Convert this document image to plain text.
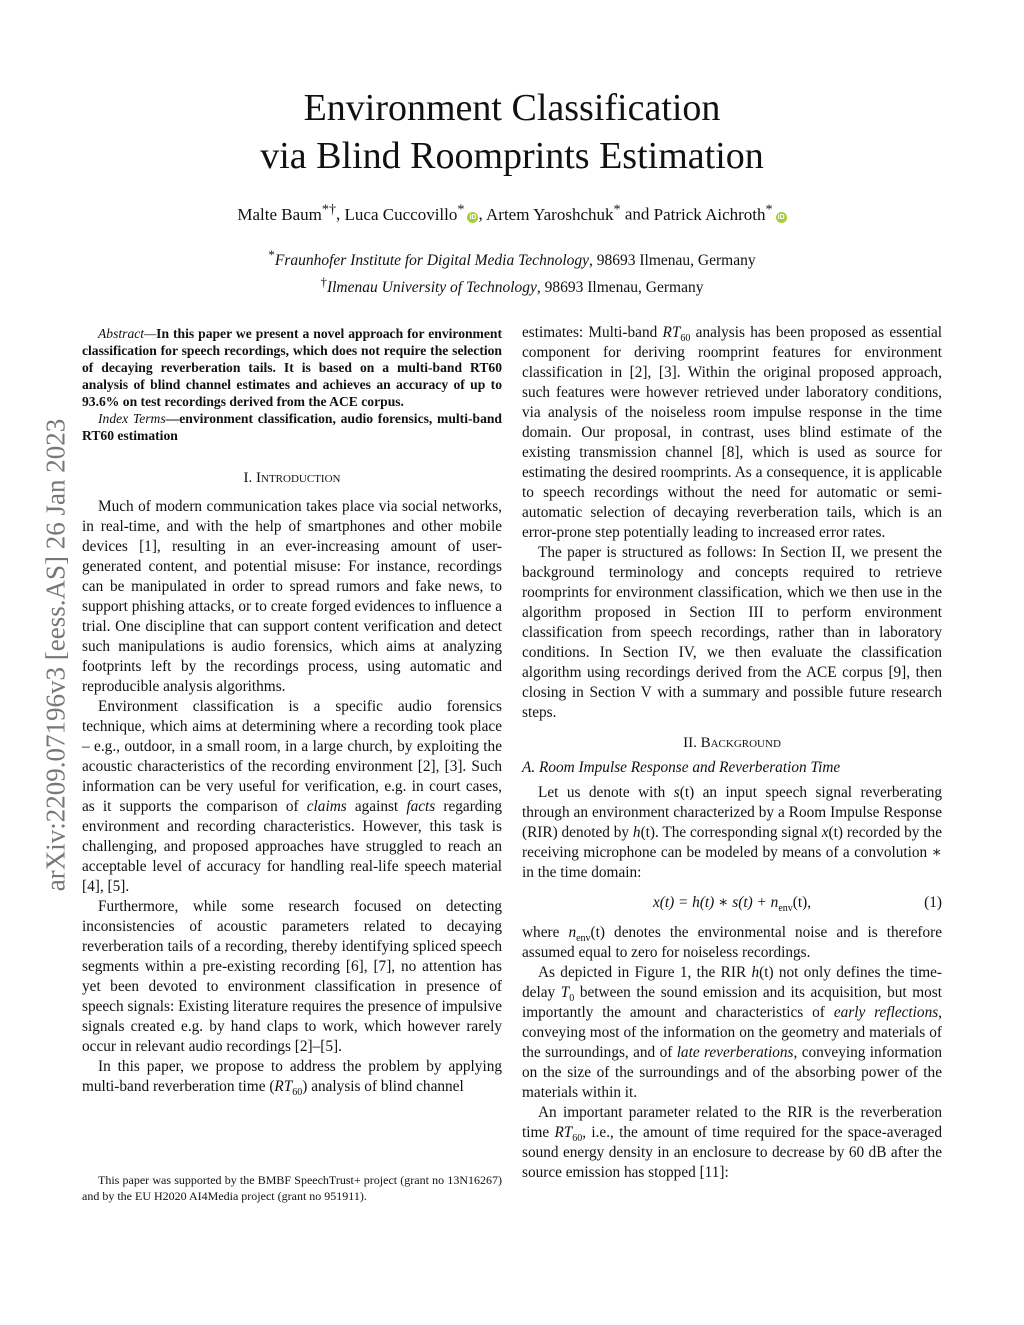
arXiv:2209.07196v3 [eess.AS] 26 Jan 2023
Environment Classification
via Blind Roomprints Estimation
Malte Baum*†, Luca Cuccovillo*iD , Artem Yaroshchuk* and Patrick Aichroth*iD
*Fraunhofer Institute for Digital Media Technology, 98693 Ilmenau, Germany
†Ilmenau University of Technology, 98693 Ilmenau, Germany

Abstract—In this paper we present a novel approach for environment classification for speech recordings, which does not require the selection of decaying reverberation tails. It is based on a multi-band RT60 analysis of blind channel estimates and achieves an accuracy of up to 93.6% on test recordings derived from the ACE corpus.

Index Terms—environment classification, audio forensics, multi-band RT60 estimation

I. Introduction

Much of modern communication takes place via social networks, in real-time, and with the help of smartphones and other mobile devices [1], resulting in an ever-increasing amount of user-generated content, and potential misuse: For instance, recordings can be manipulated in order to spread rumors and fake news, to support phishing attacks, or to create forged evidences to influence a trial. One discipline that can support content verification and detect such manipulations is audio forensics, which aims at analyzing footprints left by the recordings process, using automatic and reproducible analysis algorithms.

Environment classification is a specific audio forensics technique, which aims at determining where a recording took place – e.g., outdoor, in a small room, in a large church, by exploiting the acoustic characteristics of the recording environment [2], [3]. Such information can be very useful for verification, e.g. in court cases, as it supports the comparison of claims against facts regarding environment and recording characteristics. However, this task is challenging, and proposed approaches have struggled to reach an acceptable level of accuracy for handling real-life speech material [4], [5].

Furthermore, while some research focused on detecting inconsistencies of acoustic parameters related to decaying reverberation tails of a recording, thereby identifying spliced speech segments within a pre-existing recording [6], [7], no attention has yet been devoted to environment classification in presence of speech signals: Existing literature requires the presence of impulsive signals created e.g. by hand claps to work, which however rarely occur in relevant audio recordings [2]–[5].

In this paper, we propose to address the problem by applying multi-band reverberation time $(RT_{60})$ analysis of blind channel

estimates: Multi-band $RT_{60}$ analysis has been proposed as essential component for deriving roomprint features for environment classification in [2], [3]. Within the original proposed approach, such features were however retrieved under laboratory conditions, via analysis of the noiseless room impulse response in the time domain. Our proposal, in contrast, uses blind estimate of the existing transmission channel [8], which is used as source for estimating the desired roomprints. As a consequence, it is applicable to speech recordings without the need for automatic or semi-automatic selection of decaying reverberation tails, which is an error-prone step potentially leading to increased error rates.

The paper is structured as follows: In Section II, we present the background terminology and concepts required to retrieve roomprints for environment classification, which we then use in the algorithm proposed in Section III to perform environment classification from speech recordings, rather than in laboratory conditions. In Section IV, we then evaluate the classification algorithm using recordings derived from the ACE corpus [9], then closing in Section V with a summary and possible future research steps.

II. Background

A. Room Impulse Response and Reverberation Time

Let us denote with s(t) an input speech signal reverberating through an environment characterized by a Room Impulse Response (RIR) denoted by h(t). The corresponding signal x(t) recorded by the receiving microphone can be modeled by means of a convolution ∗ in the time domain:

x(t) = h(t) ∗ $s(t) + n_{env}(t)$,	(1)

where $n_{env}(t)$ denotes the environmental noise and is therefore assumed equal to zero for noiseless recordings.

As depicted in Figure 1, the RIR h(t) not only defines the time-delay $T_0$ between the sound emission and its acquisition, but most importantly the amount and characteristics of early reflections, conveying most of the information on the geometry and materials of the surroundings, and of late reverberations, conveying information on the size of the surroundings and of the absorbing power of the materials within it.

An important parameter related to the RIR is the reverberation time $RT_{60}$, i.e., the amount of time required for the space-averaged sound energy density in an enclosure to decrease by 60 dB after the source emission has stopped [11]:

This paper was supported by the BMBF SpeechTrust+ project (grant no 13N16267) and by the EU H2020 AI4Media project (grant no 951911).
